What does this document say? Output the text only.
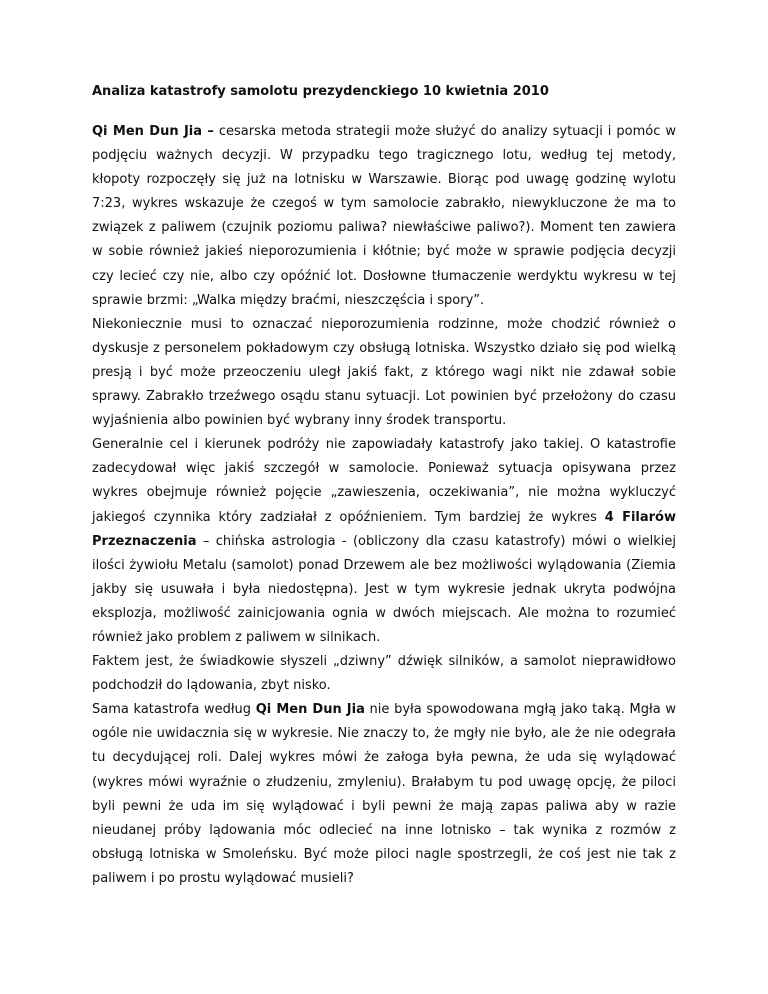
Analiza katastrofy samolotu prezydenckiego 10 kwietnia 2010

Qi Men Dun Jia – cesarska metoda strategii może służyć do analizy sytuacji i pomóc w podjęciu ważnych decyzji. W przypadku tego tragicznego lotu, według tej metody, kłopoty rozpoczęły się już na lotnisku w Warszawie. Biorąc pod uwagę godzinę wylotu 7:23, wykres wskazuje że czegoś w tym samolocie zabrakło, niewykluczone że ma to związek z paliwem (czujnik poziomu paliwa? niewłaściwe paliwo?). Moment ten zawiera w sobie również jakieś nieporozumienia i kłótnie; być może w sprawie podjęcia decyzji czy lecieć czy nie, albo czy opóźnić lot. Dosłowne tłumaczenie werdyktu wykresu w tej sprawie brzmi: „Walka między braćmi, nieszczęścia i spory”.

Niekoniecznie musi to oznaczać nieporozumienia rodzinne, może chodzić również o dyskusje z personelem pokładowym czy obsługą lotniska. Wszystko działo się pod wielką presją i być może przeoczeniu uległ jakiś fakt, z którego wagi nikt nie zdawał sobie sprawy. Zabrakło trzeźwego osądu stanu sytuacji. Lot powinien być przełożony do czasu wyjaśnienia albo powinien być wybrany inny środek transportu.

Generalnie cel i kierunek podróży nie zapowiadały katastrofy jako takiej. O katastrofie zadecydował więc jakiś szczegół w samolocie. Ponieważ sytuacja opisywana przez wykres obejmuje również pojęcie „zawieszenia, oczekiwania”, nie można wykluczyć jakiegoś czynnika który zadziałał z opóźnieniem. Tym bardziej że wykres 4 Filarów Przeznaczenia – chińska astrologia - (obliczony dla czasu katastrofy) mówi o wielkiej ilości żywiołu Metalu (samolot) ponad Drzewem ale bez możliwości wylądowania (Ziemia jakby się usuwała i była niedostępna). Jest w tym wykresie jednak ukryta podwójna eksplozja, możliwość zainicjowania ognia w dwóch miejscach. Ale można to rozumieć również jako problem z paliwem w silnikach.

Faktem jest, że świadkowie słyszeli „dziwny” dźwięk silników, a samolot nieprawidłowo podchodził do lądowania, zbyt nisko.

Sama katastrofa według Qi Men Dun Jia nie była spowodowana mgłą jako taką. Mgła w ogóle nie uwidacznia się w wykresie. Nie znaczy to, że mgły nie było, ale że nie odegrała tu decydującej roli. Dalej wykres mówi że załoga była pewna, że uda się wylądować (wykres mówi wyraźnie o złudzeniu, zmyleniu). Brałabym tu pod uwagę opcję, że piloci byli pewni że uda im się wylądować i byli pewni że mają zapas paliwa aby w razie nieudanej próby lądowania móc odlecieć na inne lotnisko – tak wynika z rozmów z obsługą lotniska w Smoleńsku. Być może piloci nagle spostrzegli, że coś jest nie tak z paliwem i po prostu wylądować musieli?
